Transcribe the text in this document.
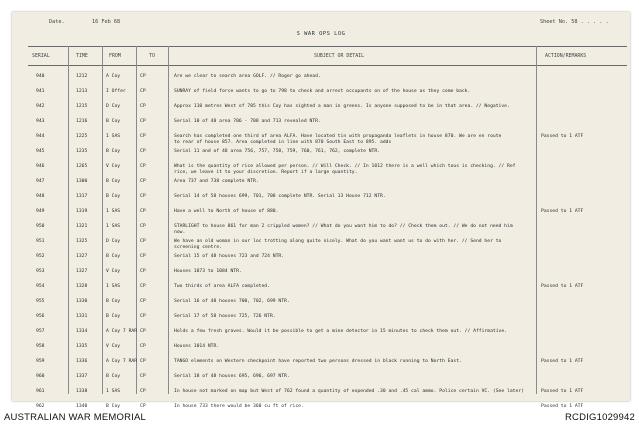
Date.	16 Feb 68	Sheet No. 58 . . . . .
S WAR OPS LOG
SERIAL	TIME	FROM	TO	SUBJECT OR DETAIL	ACTION/REMARKS
940	1212	A Coy	CP	Are we clear to search area GOLF. // Roger go ahead.
941	1213	I Offer	CP	SUNRAY of field force wants to go to 798 to check and arrest occupants on of the house as they come back.
942	1215	D Coy	CP	Approx 110 metres West of 705 this Coy has sighted a man in greens. Is anyone supposed to be in that area. // Negative.
943	1216	B Coy	CP	Serial 10 of 48 area 706 - 708 and 713 revealed NTR.
944	1225	1 SAS	CP	Search has completed one third of area ALFA. Have located tin with propaganda leaflets in house 870. We are en route	Passed to 1 ATF
to rear of house 857. Area completed in line with 870 South East to 895. adds
945	1235	B Coy	CP	Serial 11 and of 48 area 756, 757, 758, 759, 760, 761, 762, complete NTR.
946	1265	V Coy	CP	What is the quantity of rice allowed per person. // Will Check. // In 1012 there is a well which tous is checking. // Ref
rice, we leave it to your discretion. Report if a large quantity.
947	1300	B Coy	CP	Area 737 and 738 complete NTR.
948	1317	B Coy	CP	Serial 14 of 58 houses 699, 701, 708 complete NTR. Serial 13 House 712 NTR.
949	1319	1 SAS	CP	Have a well to North of house of 880.	Passed to 1 ATF
950	1321	1 SAS	CP	STARLIGHT to house 861 for man 2 crippled women? // What do you want him to do? // Check them out. // We do not need him
now.
951	1325	D Coy	CP	We have an old woman in our loc trotting along quite nicely. What do you want want us to do with her. // Send her to
screening centre.
952	1327	B Coy	CP	Serial 15 of 48 houses 723 and 724 NTR.
953	1327	V Coy	CP	Houses 1073 to 1084 NTR.
954	1328	1 SAS	CP	Two thirds of area ALFA completed.	Passed to 1 ATF
955	1330	B Coy	CP	Serial 16 of 48 houses 700, 702, 699 NTR.
956	1331	B Coy	CP	Serial 17 of 58 houses 725, 726 NTR.
957	1334	A Coy 7 RAR CP	Holds a few fresh graves. Would it be possible to get a mine detector in 15 minutes to check them out. // Affirmative.
958	1335	V Coy	CP	Houses 1014 NTR.
959	1336	A Coy 7 RAR CP	TANGO elements on Western checkpoint have reported two persons dressed in black running to North East.	Passed to 1 ATF
960	1337	B Coy	CP	Serial 18 of 48 houses 695, 696, 697 NTR.
961	1338	1 SAS	CP	In house not marked on map but West of 762 found a quantity of expended .30 and .45 cal ammo. Police certain VC. (See later)	Passed to 1 ATF
962	1340	B Coy	CP	In house 733 there would be 360 cu ft of rice.	Passed to 1 ATF
AUSTRALIAN WAR MEMORIAL	RCDIG1029942
